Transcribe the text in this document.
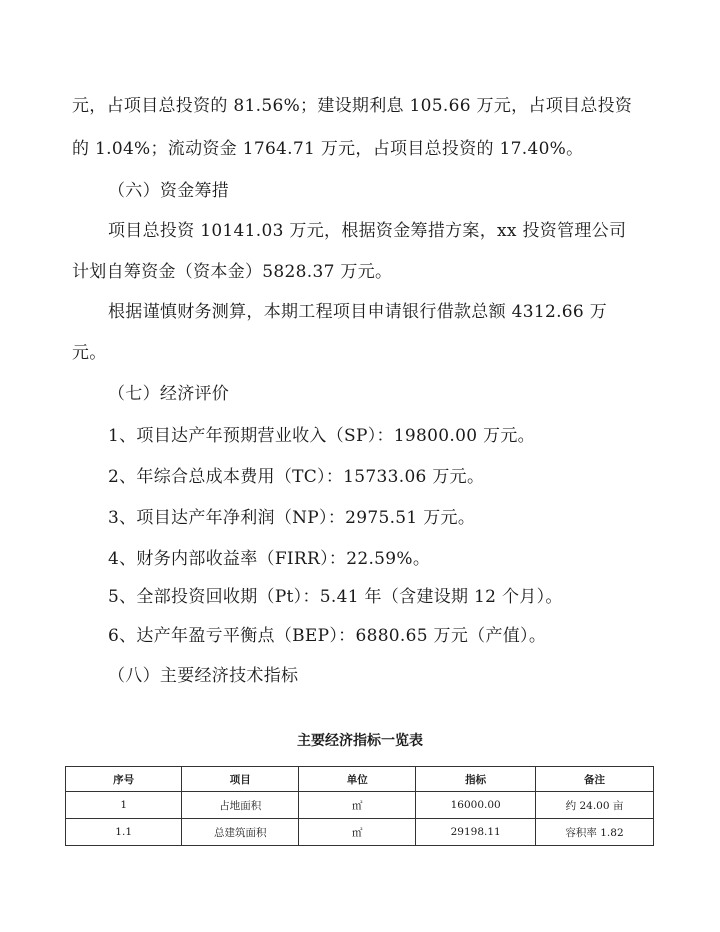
元，占项目总投资的 81.56%；建设期利息 105.66 万元，占项目总投资
的 1.04%；流动资金 1764.71 万元，占项目总投资的 17.40%。
（六）资金筹措
项目总投资 10141.03 万元，根据资金筹措方案，xx 投资管理公司
计划自筹资金（资本金）5828.37 万元。
根据谨慎财务测算，本期工程项目申请银行借款总额 4312.66 万
元。
（七）经济评价
1、项目达产年预期营业收入（SP）：19800.00 万元。
2、年综合总成本费用（TC）：15733.06 万元。
3、项目达产年净利润（NP）：2975.51 万元。
4、财务内部收益率（FIRR）：22.59%。
5、全部投资回收期（Pt）：5.41 年（含建设期 12 个月）。
6、达产年盈亏平衡点（BEP）：6880.65 万元（产值）。
（八）主要经济技术指标
主要经济指标一览表
序号	项目	单位	指标	备注
1	占地面积	㎡	16000.00	约 24.00 亩
1.1	总建筑面积	㎡	29198.11	容积率 1.82
